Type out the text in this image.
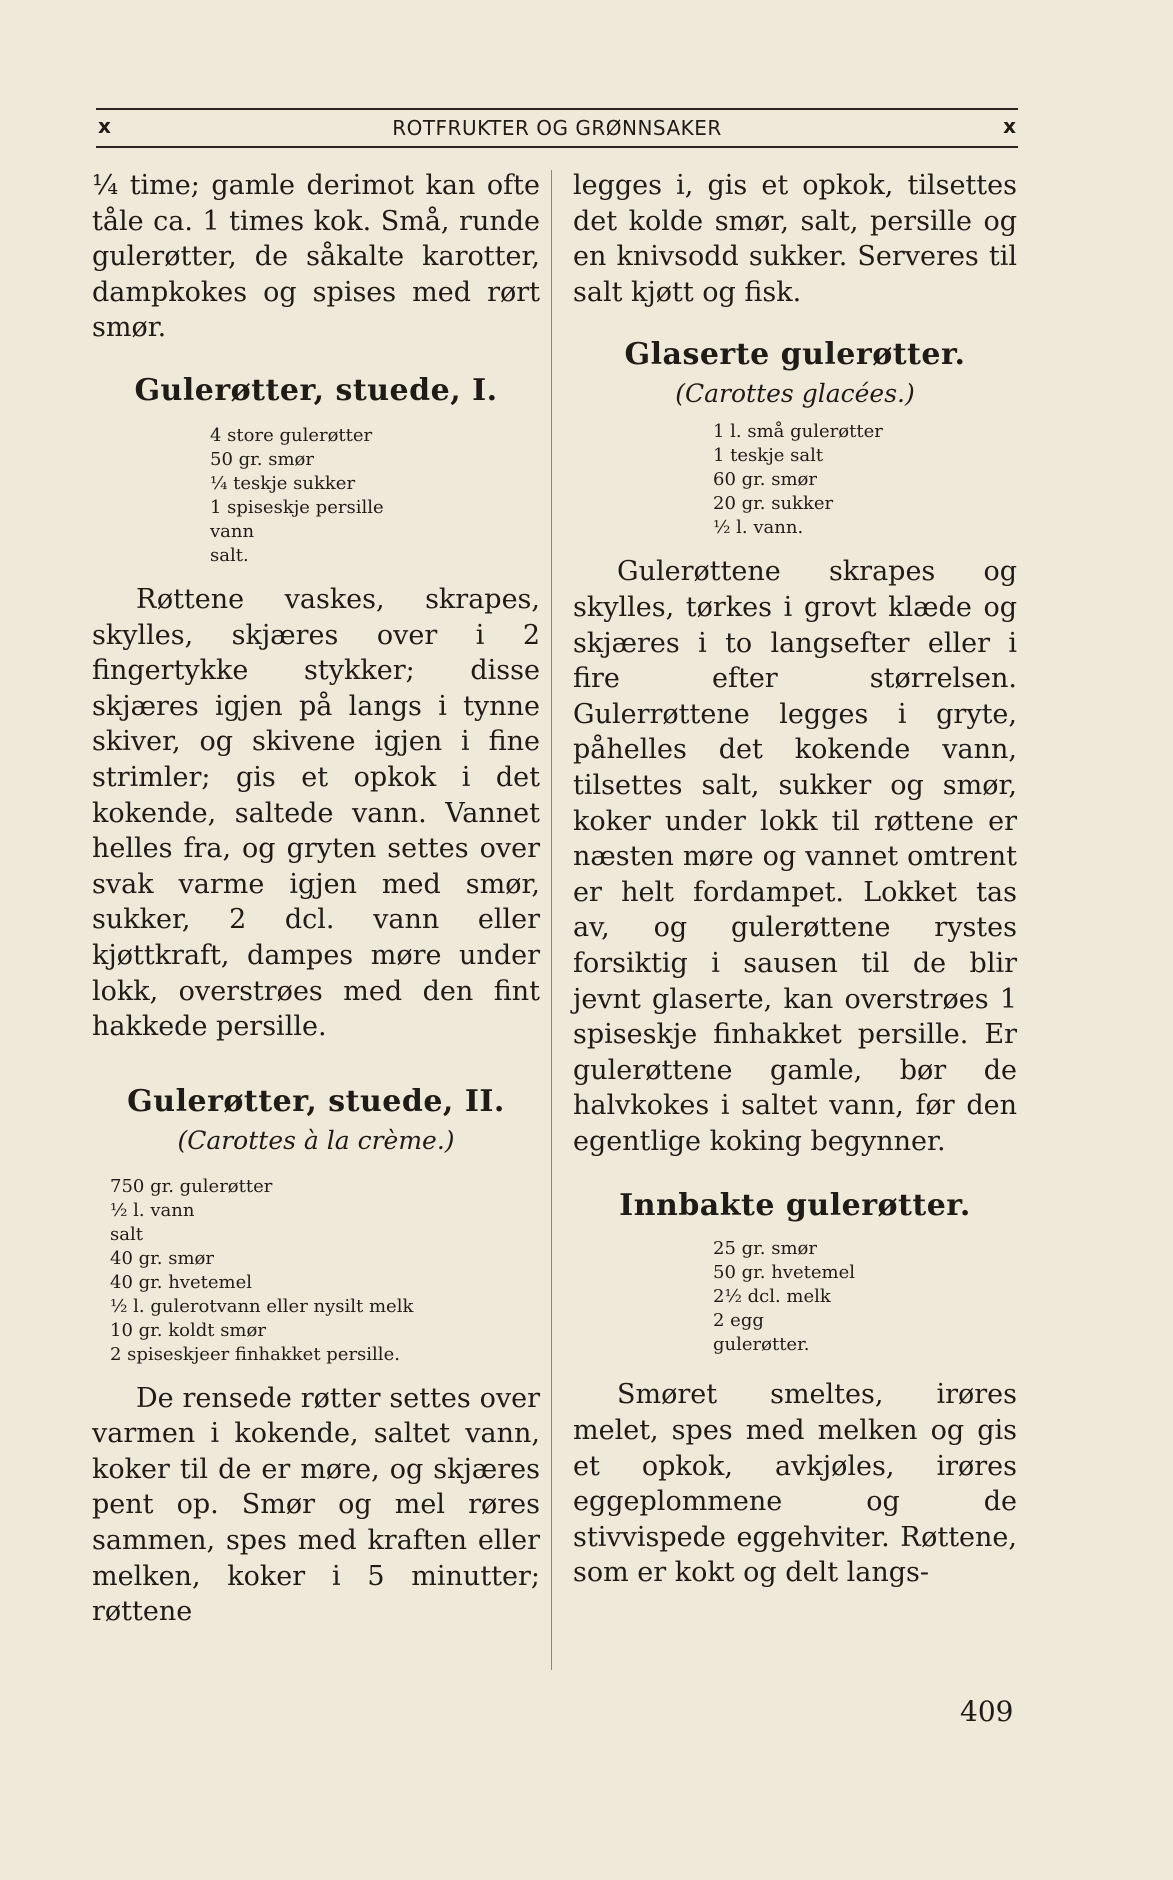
x	ROTFRUKTER OG GRØNNSAKER	x

¼ time; gamle derimot kan ofte tåle ca. 1 times kok. Små, runde gulerøtter, de såkalte karotter, dampkokes og spises med rørt smør.

Gulerøtter, stuede, I.
4 store gulerøtter
50 gr. smør
¼ teskje sukker
1 spiseskje persille
vann
salt.

Røttene vaskes, skrapes, skylles, skjæres over i 2 fingertykke stykker; disse skjæres igjen på langs i tynne skiver, og skivene igjen i fine strimler; gis et opkok i det kokende, saltede vann. Vannet helles fra, og gryten settes over svak varme igjen med smør, sukker, 2 dcl. vann eller kjøttkraft, dampes møre under lokk, overstrøes med den fint hakkede persille.

Gulerøtter, stuede, II.
(Carottes à la crème.)
750 gr. gulerøtter
½ l. vann
salt
40 gr. smør
40 gr. hvetemel
½ l. gulerotvann eller nysilt melk
10 gr. koldt smør
2 spiseskjeer finhakket persille.

De rensede røtter settes over varmen i kokende, saltet vann, koker til de er møre, og skjæres pent op. Smør og mel røres sammen, spes med kraften eller melken, koker i 5 minutter; røttene

legges i, gis et opkok, tilsettes det kolde smør, salt, persille og en knivsodd sukker. Serveres til salt kjøtt og fisk.

Glaserte gulerøtter.
(Carottes glacées.)
1 l. små gulerøtter
1 teskje salt
60 gr. smør
20 gr. sukker
½ l. vann.

Gulerøttene skrapes og skylles, tørkes i grovt klæde og skjæres i to langsefter eller i fire efter størrelsen. Gulerrøttene legges i gryte, påhelles det kokende vann, tilsettes salt, sukker og smør, koker under lokk til røttene er næsten møre og vannet omtrent er helt fordampet. Lokket tas av, og gulerøttene rystes forsiktig i sausen til de blir jevnt glaserte, kan overstrøes 1 spiseskje finhakket persille. Er gulerøttene gamle, bør de halvkokes i saltet vann, før den egentlige koking begynner.

Innbakte gulerøtter.
25 gr. smør
50 gr. hvetemel
2½ dcl. melk
2 egg
gulerøtter.

Smøret smeltes, irøres melet, spes med melken og gis et opkok, avkjøles, irøres eggeplommene og de stivvispede eggehviter. Røttene, som er kokt og delt langs-

409
